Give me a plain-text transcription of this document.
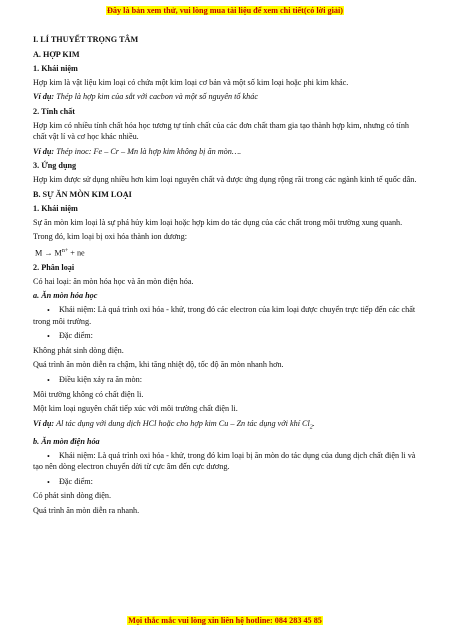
Đây là bản xem thử, vui lòng mua tài liệu để xem chi tiết(có lời giải)

I. LÍ THUYẾT TRỌNG TÂM

A. HỢP KIM

1. Khái niệm

Hợp kim là vật liệu kim loại có chứa một kim loại cơ bản và một số kim loại hoặc phi kim khác.

Ví dụ: Thép là hợp kim của sắt với cacbon và một số nguyên tố khác

2. Tính chất

Hợp kim có nhiều tính chất hóa học tương tự tính chất của các đơn chất tham gia tạo thành hợp kim, nhưng có tính chất vật lí và cơ học khác nhiều.

Ví dụ: Thép inoc: Fe – Cr – Mn là hợp kim không bị ăn mòn….

3. Ứng dụng

Hợp kim được sử dụng nhiều hơn kim loại nguyên chất và được ứng dụng rộng rãi trong các ngành kinh tế quốc dân.

B. SỰ ĂN MÒN KIM LOẠI

1. Khái niệm

Sự ăn mòn kim loại là sự phá hủy kim loại hoặc hợp kim do tác dụng của các chất trong môi trường xung quanh.

Trong đó, kim loại bị oxi hóa thành ion dương:

$M \to M^{n+}$ + ne

2. Phân loại

Có hai loại: ăn mòn hóa học và ăn mòn điện hóa.

a. Ăn mòn hóa học

• Khái niệm: Là quá trình oxi hóa - khử, trong đó các electron của kim loại được chuyển trực tiếp đến các chất trong môi trường.

• Đặc điểm:

Không phát sinh dòng điện.

Quá trình ăn mòn diễn ra chậm, khi tăng nhiệt độ, tốc độ ăn mòn nhanh hơn.

• Điều kiện xảy ra ăn mòn:

Môi trường không có chất điện li.

Một kim loại nguyên chất tiếp xúc với môi trường chất điện li.

Ví dụ: Al tác dụng với dung dịch HCl hoặc cho hợp kim Cu – Zn tác dụng với khí $Cl_2$.

b. Ăn mòn điện hóa

• Khái niệm: Là quá trình oxi hóa - khử, trong đó kim loại bị ăn mòn do tác dụng của dung dịch chất điện li và tạo nên dòng electron chuyển dời từ cực âm đến cực dương.

• Đặc điểm:

Có phát sinh dòng điện.

Quá trình ăn mòn diễn ra nhanh.

Mọi thắc mắc vui lòng xin liên hệ hotline: 084 283 45 85
